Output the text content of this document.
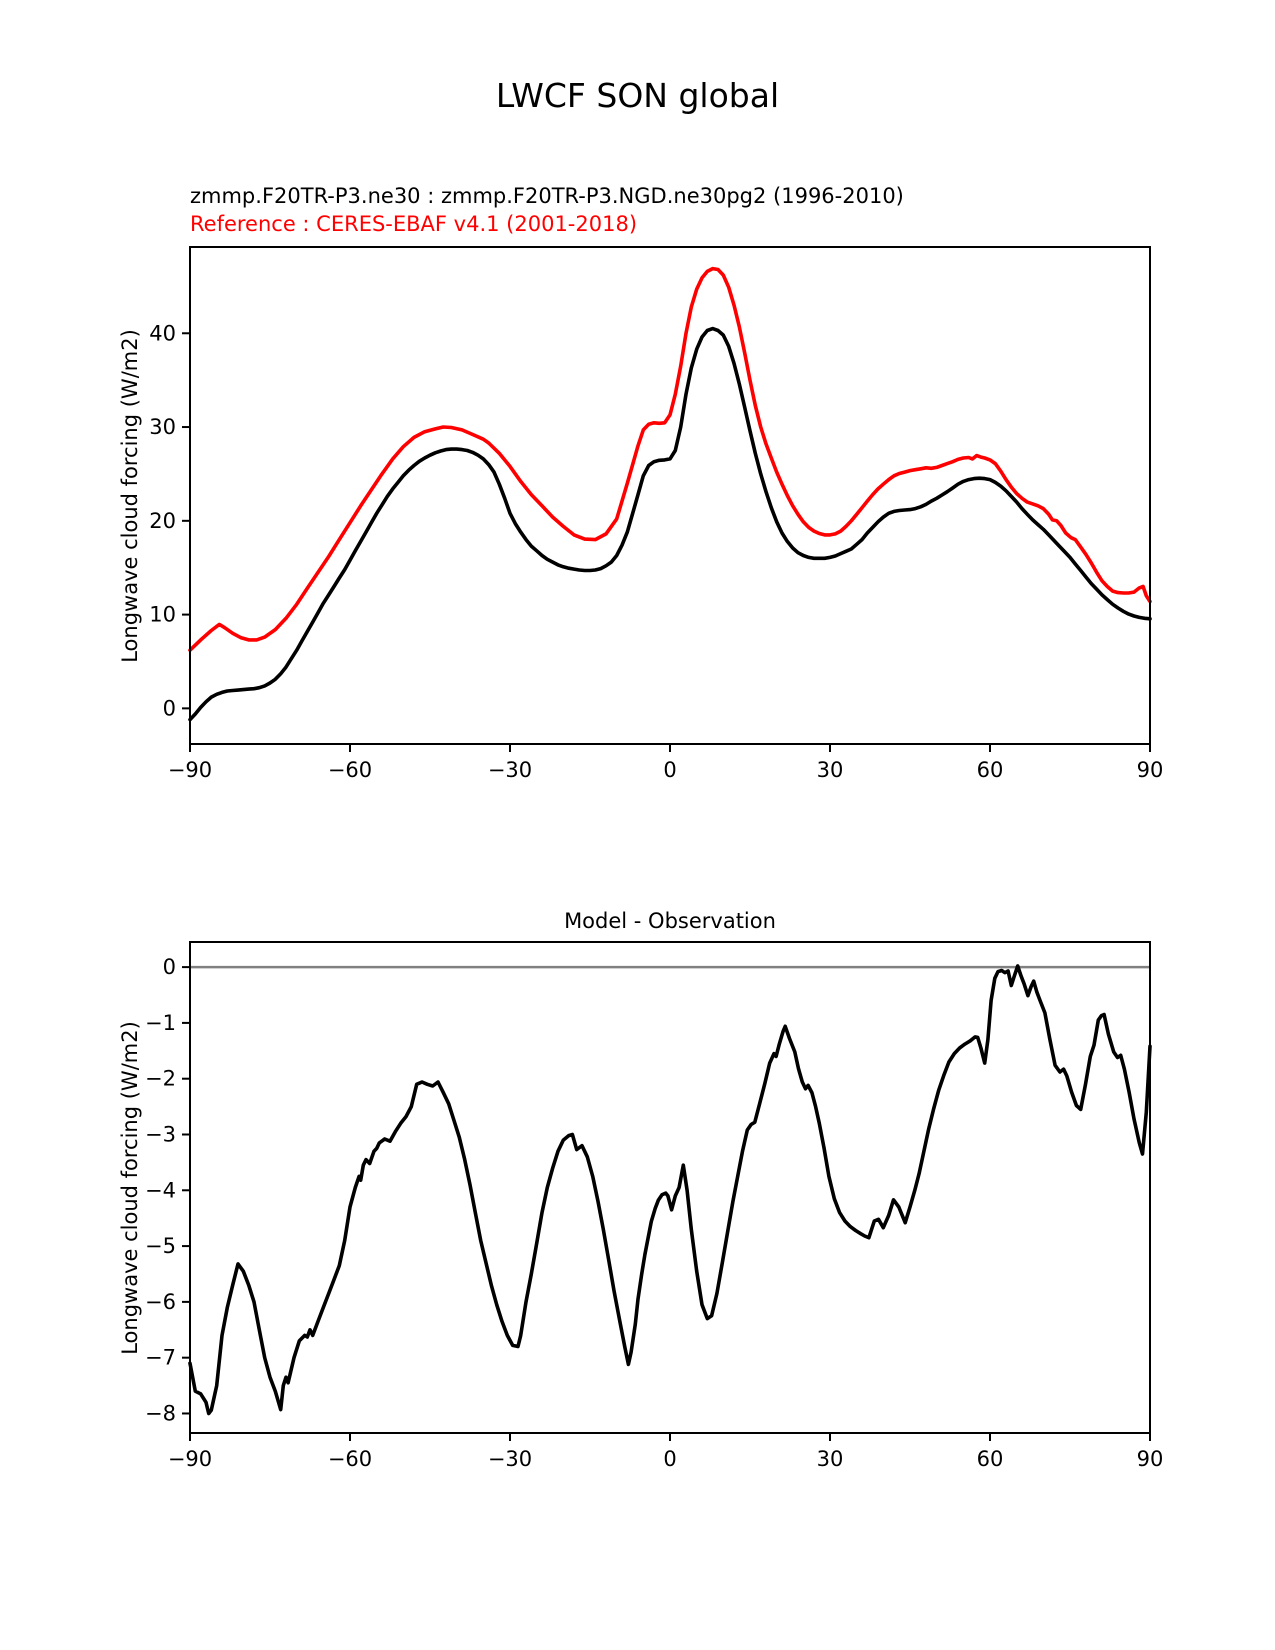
−90	−60	−30	0	30	60	90
0
10
20
30
40
−90	−60	−30	0	30	60	90
0
−1
−2
−3
−4
−5
−6
−7
−8
LWCF SON global
zmmp.F20TR-P3.ne30 : zmmp.F20TR-P3.NGD.ne30pg2 (1996-2010)
Reference : CERES-EBAF v4.1 (2001-2018)
Model - Observation
Longwave cloud forcing (W/m2)
Longwave cloud forcing (W/m2)
